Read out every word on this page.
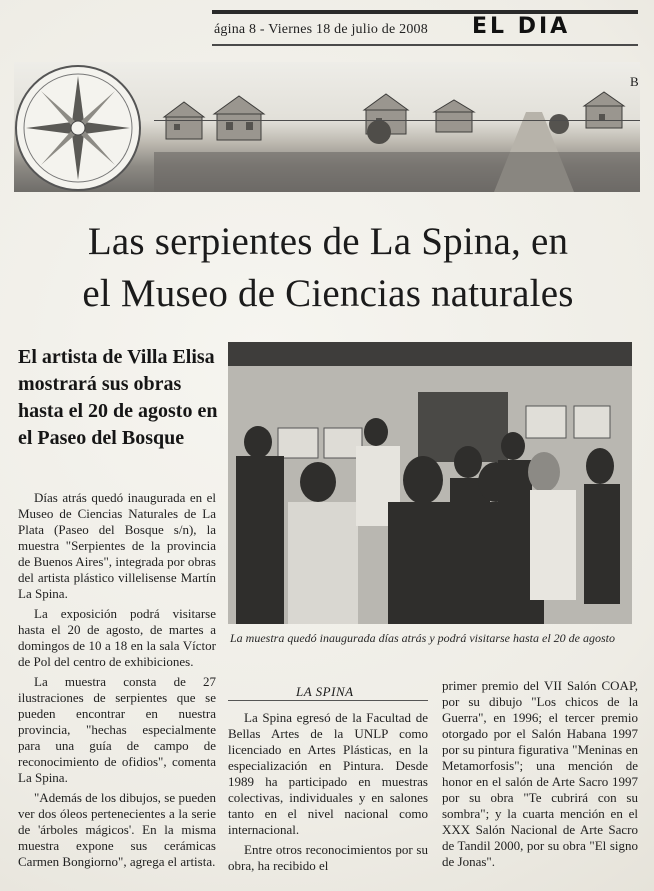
ágina 8 - Viernes 18 de julio de 2008 EL DIA
B
Las serpientes de La Spina, en
el Museo de Ciencias naturales
El artista de Villa Elisa mostrará sus obras hasta el 20 de agosto en el Paseo del Bosque
La muestra quedó inaugurada días atrás y podrá visitarse hasta el 20 de agosto

Días atrás quedó inaugurada en el Museo de Ciencias Naturales de La Plata (Paseo del Bosque s/n), la muestra "Serpientes de la provincia de Buenos Aires", integrada por obras del artista plástico villelisense Martín La Spina.

La exposición podrá visitarse hasta el 20 de agosto, de martes a domingos de 10 a 18 en la sala Víctor de Pol del centro de exhibiciones.

La muestra consta de 27 ilustraciones de serpientes que se pueden encontrar en nuestra provincia, "hechas especialmente para una guía de campo de reconocimiento de ofidios", comenta La Spina.

"Además de los dibujos, se pueden ver dos óleos pertenecientes a la serie de 'árboles mágicos'. En la misma muestra expone sus cerámicas Carmen Bongiorno", agrega el artista.

LA SPINA

La Spina egresó de la Facultad de Bellas Artes de la UNLP como licenciado en Artes Plásticas, en la especialización en Pintura. Desde 1989 ha participado en muestras colectivas, individuales y en salones tanto en el nivel nacional como internacional.

Entre otros reconocimientos por su obra, ha recibido el

primer premio del VII Salón COAP, por su dibujo "Los chicos de la Guerra", en 1996; el tercer premio otorgado por el Salón Habana 1997 por su pintura figurativa "Meninas en Metamorfosis"; una mención de honor en el salón de Arte Sacro 1997 por su obra "Te cubrirá con su sombra"; y la cuarta mención en el XXX Salón Nacional de Arte Sacro de Tandil 2000, por su obra "El signo de Jonas".
